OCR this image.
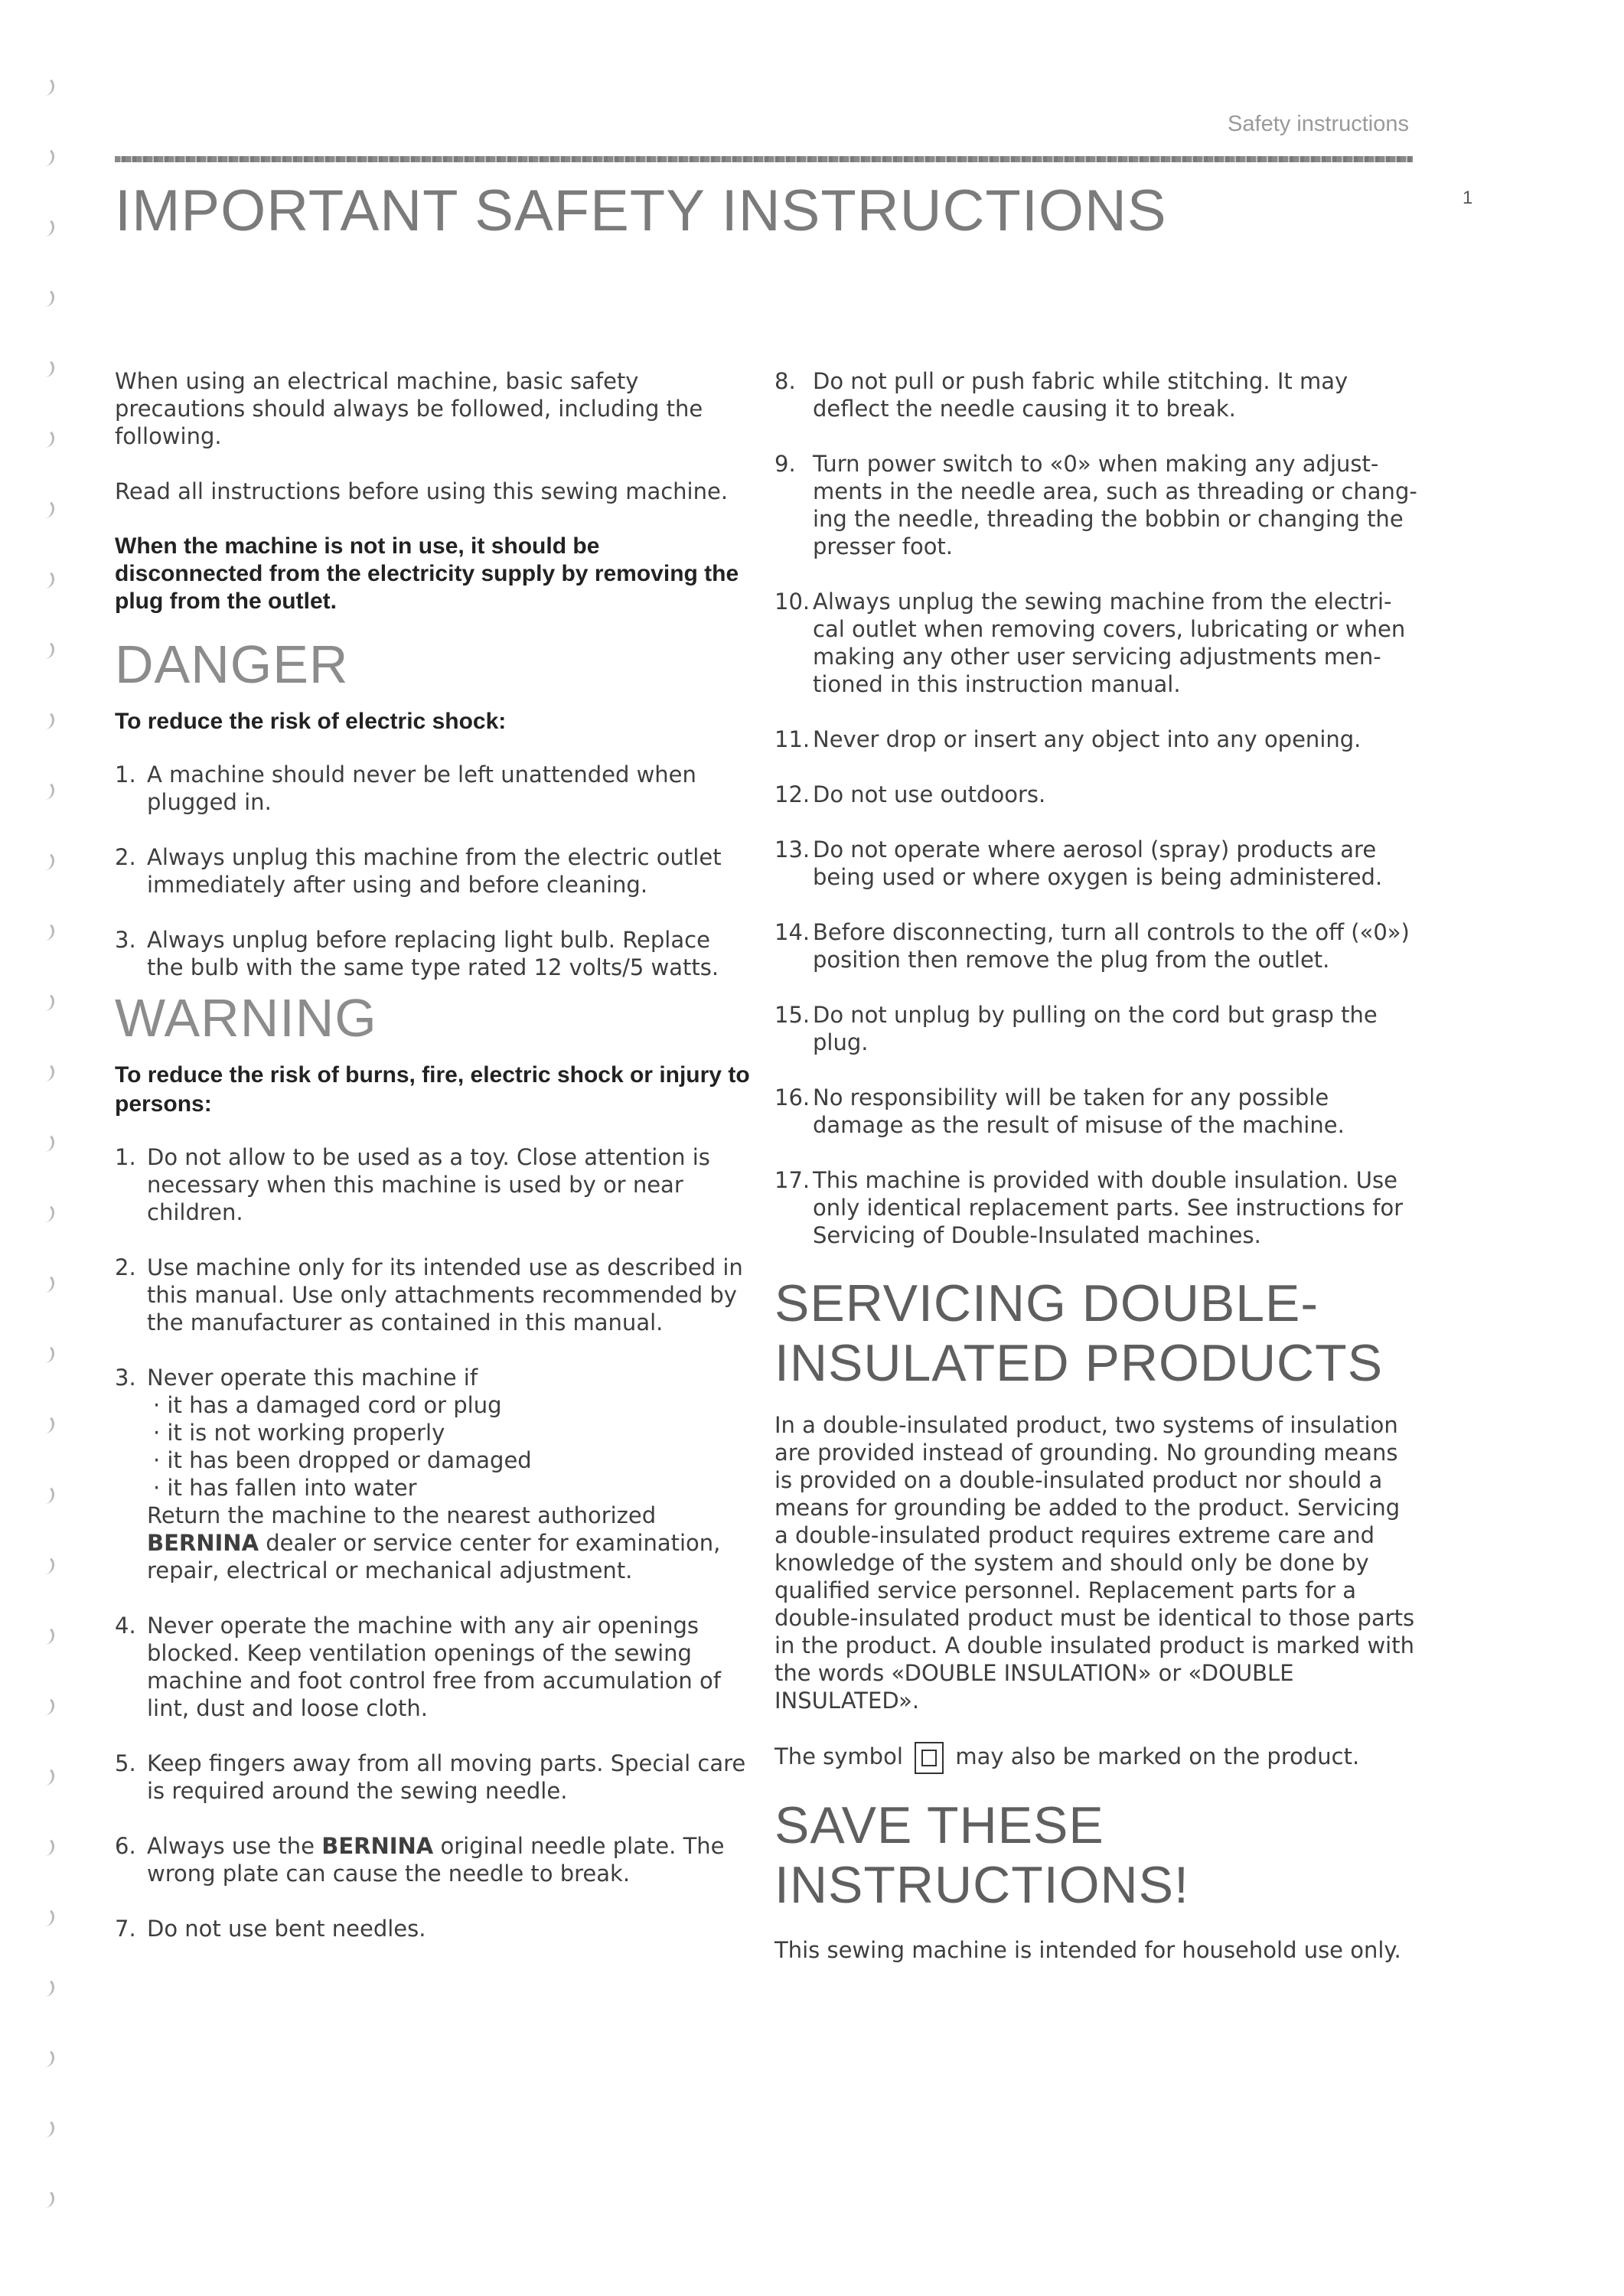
Safety instructions
1
IMPORTANT SAFETY INSTRUCTIONS

When using an electrical machine, basic safety precautions should always be followed, including the following.

Read all instructions before using this sewing machine.

When the machine is not in use, it should be disconnected from the electricity supply by removing the plug from the outlet.

DANGER

To reduce the risk of electric shock:

1. A machine should never be left unattended when plugged in.
2. Always unplug this machine from the electric outlet immediately after using and before cleaning.
3. Always unplug before replacing light bulb. Replace the bulb with the same type rated 12 volts/5 watts.
WARNING

To reduce the risk of burns, fire, electric shock or injury to persons:

1. Do not allow to be used as a toy. Close attention is necessary when this machine is used by or near children.
2. Use machine only for its intended use as described in this manual. Use only attachments recommended by the manufacturer as contained in this manual.
3. Never operate this machine if
· it has a damaged cord or plug
· it is not working properly
· it has been dropped or damaged
· it has fallen into water
Return the machine to the nearest authorized
BERNINA dealer or service center for examination, repair, electrical or mechanical adjustment.
4. Never operate the machine with any air openings blocked. Keep ventilation openings of the sewing machine and foot control free from accumulation of lint, dust and loose cloth.
5. Keep fingers away from all moving parts. Special care is required around the sewing needle.
6. Always use the BERNINA original needle plate. The wrong plate can cause the needle to break.
7. Do not use bent needles.
8. Do not pull or push fabric while stitching. It may deflect the needle causing it to break.
9. Turn power switch to «0» when making any adjust-ments in the needle area, such as threading or chang-ing the needle, threading the bobbin or changing the presser foot.
10. Always unplug the sewing machine from the electri-cal outlet when removing covers, lubricating or when making any other user servicing adjustments men-tioned in this instruction manual.
11. Never drop or insert any object into any opening.
12. Do not use outdoors.
13. Do not operate where aerosol (spray) products are being used or where oxygen is being administered.
14. Before disconnecting, turn all controls to the off («0») position then remove the plug from the outlet.
15. Do not unplug by pulling on the cord but grasp the plug.
16. No responsibility will be taken for any possible damage as the result of misuse of the machine.
17. This machine is provided with double insulation. Use only identical replacement parts. See instructions for Servicing of Double-Insulated machines.
SERVICING DOUBLE-
INSULATED PRODUCTS

In a double-insulated product, two systems of insulation are provided instead of grounding. No grounding means is provided on a double-insulated product nor should a means for grounding be added to the product. Servicing a double-insulated product requires extreme care and knowledge of the system and should only be done by qualified service personnel. Replacement parts for a double-insulated product must be identical to those parts in the product. A double insulated product is marked with the words «DOUBLE INSULATION» or «DOUBLE INSULATED».

The symbol may also be marked on the product.

SAVE THESE
INSTRUCTIONS!

This sewing machine is intended for household use only.
